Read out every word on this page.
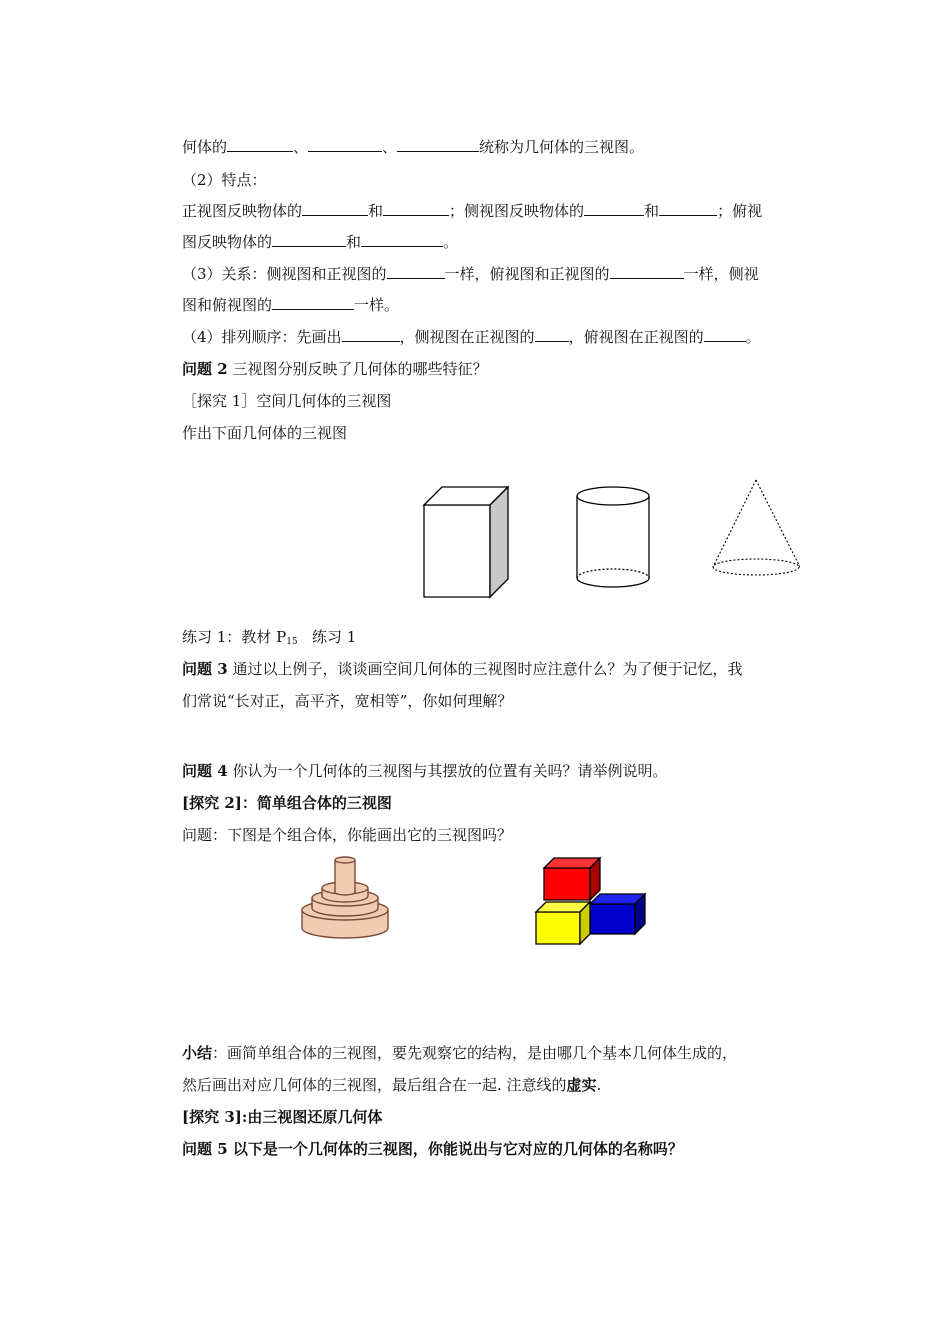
何体的	、	、	统称为几何体的三视图。
（2）特点：
正视图反映物体的	和	；侧视图反映物体的	和	；俯视
图反映物体的	和	。
（3）关系：侧视图和正视图的	一样，俯视图和正视图的	一样，侧视
图和俯视图的	一样。
（4）排列顺序：先画出	，侧视图在正视图的 ，俯视图在正视图的	。
问题 2 三视图分别反映了几何体的哪些特征？
［探究 1］空间几何体的三视图
作出下面几何体的三视图
练习 1：教材 $P_{15}$ 练习 1
问题 3 通过以上例子，谈谈画空间几何体的三视图时应注意什么？为了便于记忆，我
们常说“长对正，高平齐，宽相等”，你如何理解？
问题 4 你认为一个几何体的三视图与其摆放的位置有关吗？请举例说明。
[探究 2]：简单组合体的三视图
问题：下图是个组合体，你能画出它的三视图吗？
小结：画简单组合体的三视图，要先观察它的结构，是由哪几个基本几何体生成的，
然后画出对应几何体的三视图，最后组合在一起. 注意线的虚实.
[探究 3]:由三视图还原几何体
问题 5 以下是一个几何体的三视图，你能说出与它对应的几何体的名称吗？
